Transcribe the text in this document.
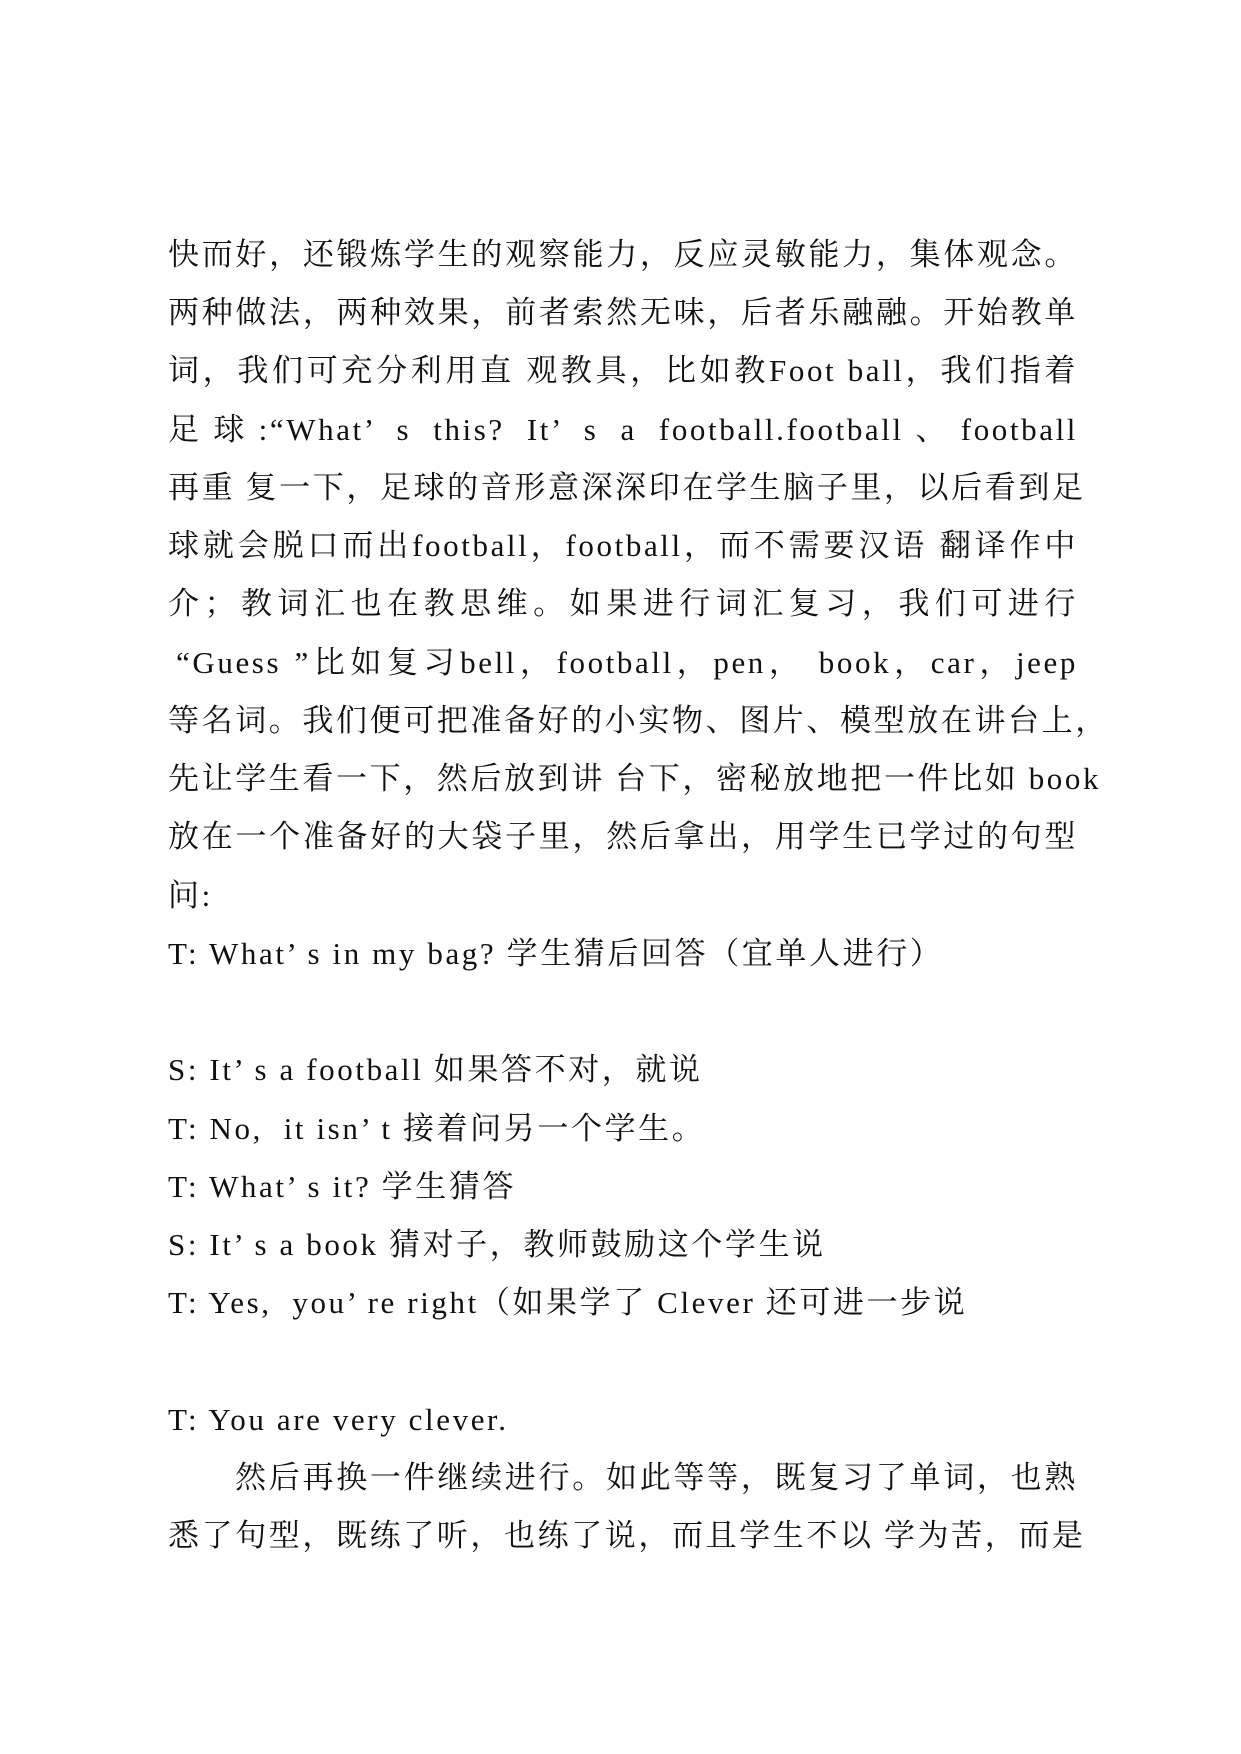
快而好，还锻炼学生的观察能力，反应灵敏能力，集体观念。
两种做法，两种效果，前者索然无味，后者乐融融。开始教单
词，我们可充分利用直 观教具，比如教Foot ball，我们指着
足球:“What’ s this? It’ s a football.football、football
再重 复一下，足球的音形意深深印在学生脑子里，以后看到足
球就会脱口而出football，football，而不需要汉语 翻译作中
介；教词汇也在教思维。如果进行词汇复习，我们可进行
“Guess ”比如复习bell，football，pen， book，car，jeep
等名词。我们便可把准备好的小实物、图片、模型放在讲台上，
先让学生看一下，然后放到讲 台下，密秘放地把一件比如 book
放在一个准备好的大袋子里，然后拿出，用学生已学过的句型
问:
T: What’ s in my bag? 学生猜后回答（宜单人进行）
S: It’ s a football 如果答不对，就说
T: No,  it isn’ t 接着问另一个学生。
T: What’ s it? 学生猜答
S: It’ s a book 猜对子，教师鼓励这个学生说
T: Yes,  you’ re right（如果学了 Clever 还可进一步说
T: You are very clever.
然后再换一件继续进行。如此等等，既复习了单词，也熟
悉了句型，既练了听，也练了说，而且学生不以 学为苦，而是
